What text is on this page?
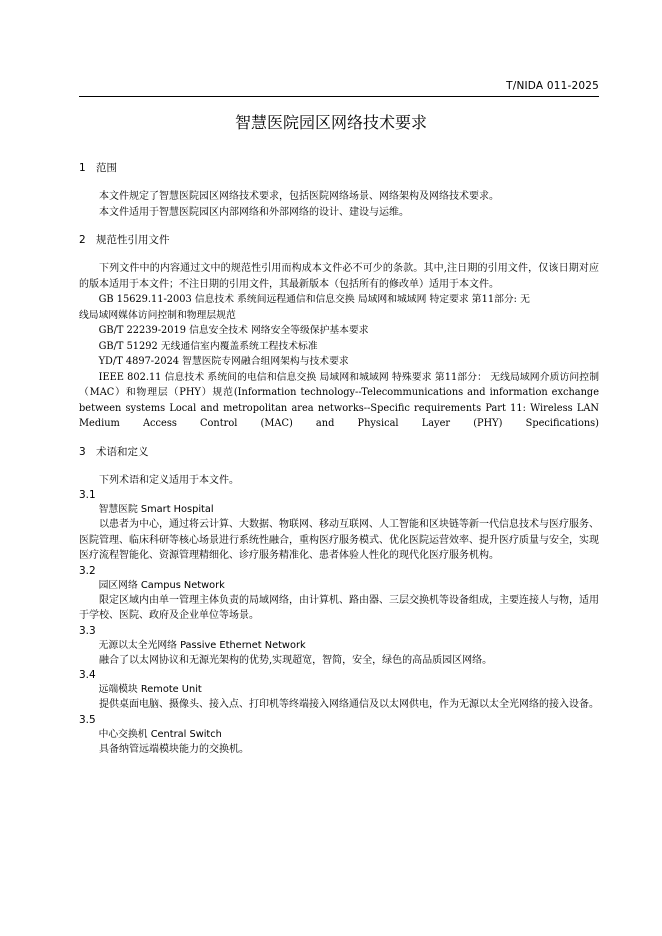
T/NIDA 011-2025
智慧医院园区网络技术要求
1 范围

本文件规定了智慧医院园区网络技术要求，包括医院网络场景、网络架构及网络技术要求。

本文件适用于智慧医院园区内部网络和外部网络的设计、建设与运维。

2 规范性引用文件

下列文件中的内容通过文中的规范性引用而构成本文件必不可少的条款。其中,注日期的引用文件，仅该日期对应的版本适用于本文件；不注日期的引用文件，其最新版本（包括所有的修改单）适用于本文件。

GB 15629.11-2003 信息技术 系统间远程通信和信息交换 局域网和城域网 特定要求 第11部分: 无

线局域网媒体访问控制和物理层规范

GB/T 22239-2019 信息安全技术 网络安全等级保护基本要求

GB/T 51292 无线通信室内覆盖系统工程技术标准

YD/T 4897-2024 智慧医院专网融合组网架构与技术要求

IEEE 802.11 信息技术 系统间的电信和信息交换 局域网和城域网 特殊要求 第11部分： 无线局域网介质访问控制（MAC）和物理层（PHY）规范(Information technology--Telecommunications and information exchange between systems Local and metropolitan area networks--Specific requirements Part 11: Wireless LAN Medium Access Control (MAC) and Physical Layer (PHY) Specifications)

3 术语和定义

下列术语和定义适用于本文件。

3.1
智慧医院 Smart Hospital

以患者为中心，通过将云计算、大数据、物联网、移动互联网、人工智能和区块链等新一代信息技术与医疗服务、医院管理、临床科研等核心场景进行系统性融合，重构医疗服务模式、优化医院运营效率、提升医疗质量与安全，实现医疗流程智能化、资源管理精细化、诊疗服务精准化、患者体验人性化的现代化医疗服务机构。

3.2
园区网络 Campus Network

限定区域内由单一管理主体负责的局域网络，由计算机、路由器、三层交换机等设备组成，主要连接人与物，适用于学校、医院、政府及企业单位等场景。

3.3
无源以太全光网络 Passive Ethernet Network

融合了以太网协议和无源光架构的优势,实现超宽，智简，安全，绿色的高品质园区网络。

3.4
远端模块 Remote Unit

提供桌面电脑、摄像头、接入点、打印机等终端接入网络通信及以太网供电，作为无源以太全光网络的接入设备。

3.5
中心交换机 Central Switch

具备纳管远端模块能力的交换机。
